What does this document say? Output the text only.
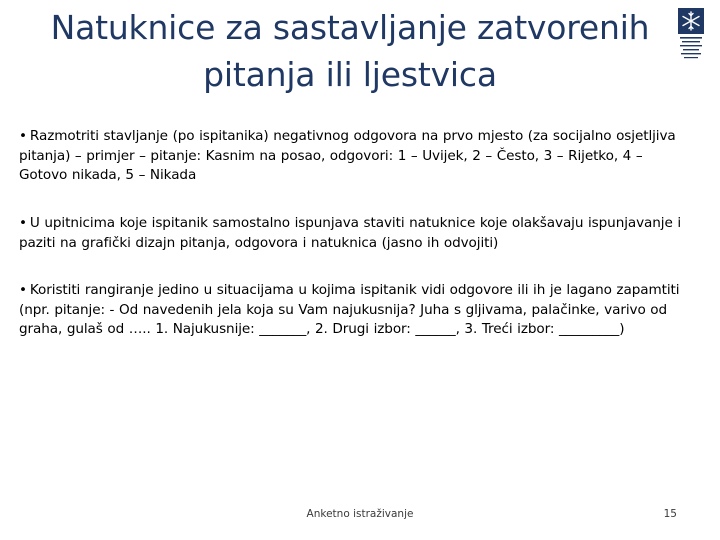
Natuknice za sastavljanje zatvorenih pitanja ili ljestvica
• Razmotriti stavljanje (po ispitanika) negativnog odgovora na prvo mjesto (za socijalno osjetljiva pitanja) – primjer – pitanje: Kasnim na posao, odgovori: 1 – Uvijek, 2 – Često, 3 – Rijetko, 4 – Gotovo nikada, 5 – Nikada
• U upitnicima koje ispitanik samostalno ispunjava staviti natuknice koje olakšavaju ispunjavanje i paziti na grafički dizajn pitanja, odgovora i natuknica (jasno ih odvojiti)
• Koristiti rangiranje jedino u situacijama u kojima ispitanik vidi odgovore ili ih je lagano zapamtiti (npr. pitanje: - Od navedenih jela koja su Vam najukusnija? Juha s gljivama, palačinke, varivo od graha, gulaš od ….. 1. Najukusnije: _______, 2. Drugi izbor: ______, 3. Treći izbor: _________)
Anketno istraživanje	15
